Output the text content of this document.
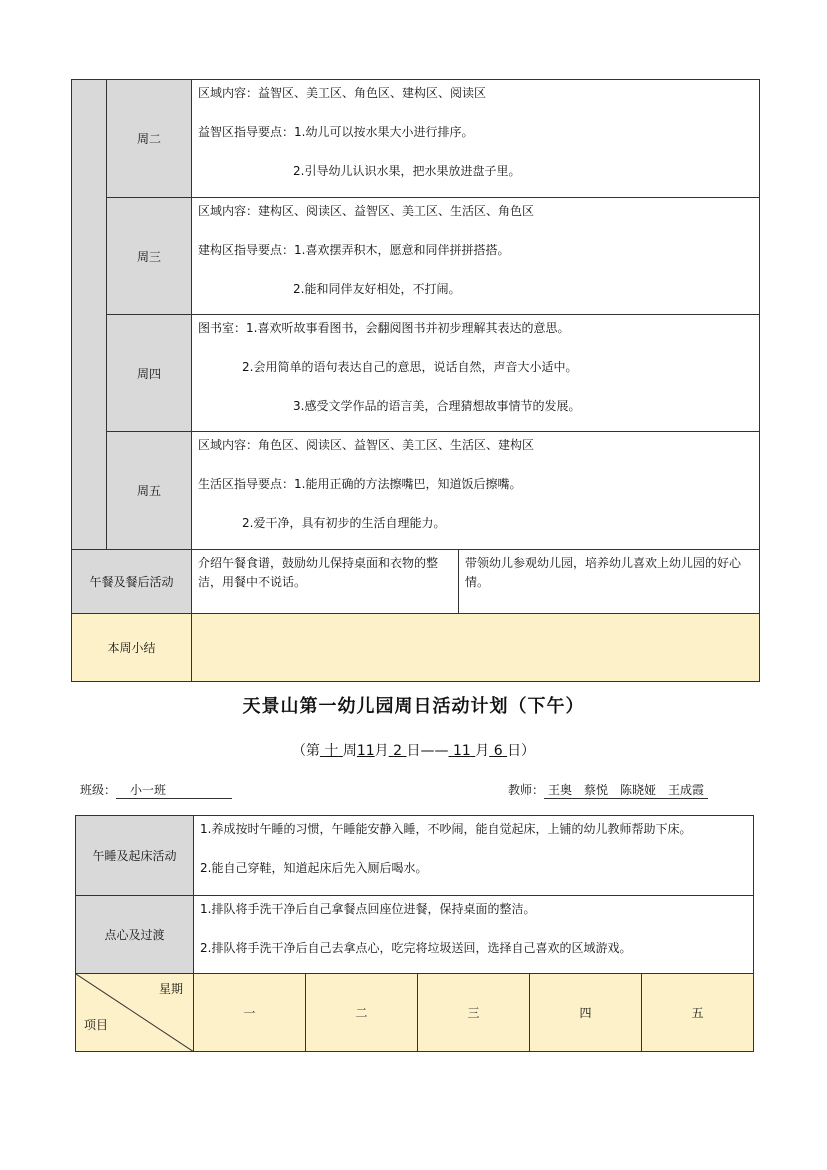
	周二	区域内容：益智区、美工区、角色区、建构区、阅读区

益智区指导要点：1.幼儿可以按水果大小进行排序。

2.引导幼儿认识水果，把水果放进盘子里。	

	周三	区域内容：建构区、阅读区、益智区、美工区、生活区、角色区

建构区指导要点：1.喜欢摆弄积木，愿意和同伴拼拼搭搭。

2.能和同伴友好相处，不打闹。	

	周四	图书室：1.喜欢听故事看图书，会翻阅图书并初步理解其表达的意思。

2.会用简单的语句表达自己的意思，说话自然，声音大小适中。

3.感受文学作品的语言美，合理猜想故事情节的发展。	

	周五	区域内容：角色区、阅读区、益智区、美工区、生活区、建构区

生活区指导要点：1.能用正确的方法擦嘴巴，知道饭后擦嘴。

2.爱干净，具有初步的生活自理能力。	

午餐及餐后活动		介绍午餐食谱，鼓励幼儿保持桌面和衣物的整洁，用餐中不说话。	带领幼儿参观幼儿园，培养幼儿喜欢上幼儿园的好心情。

本周小结			
天景山第一幼儿园周日活动计划（下午）
（第 十 周11月 2 日—— 11 月 6 日）
班级： 小一班	教师： 王奥　蔡悦　陈晓娅　王成霞
午睡及起床活动	1.养成按时午睡的习惯，午睡能安静入睡，不吵闹，能自觉起床，上铺的幼儿教师帮助下床。

2.能自己穿鞋，知道起床后先入厕后喝水。				

点心及过渡	1.排队将手洗干净后自己拿餐点回座位进餐，保持桌面的整洁。

2.排队将手洗干净后自己去拿点心，吃完将垃圾送回，选择自己喜欢的区域游戏。				

星期
项目	一	二	三	四	五
